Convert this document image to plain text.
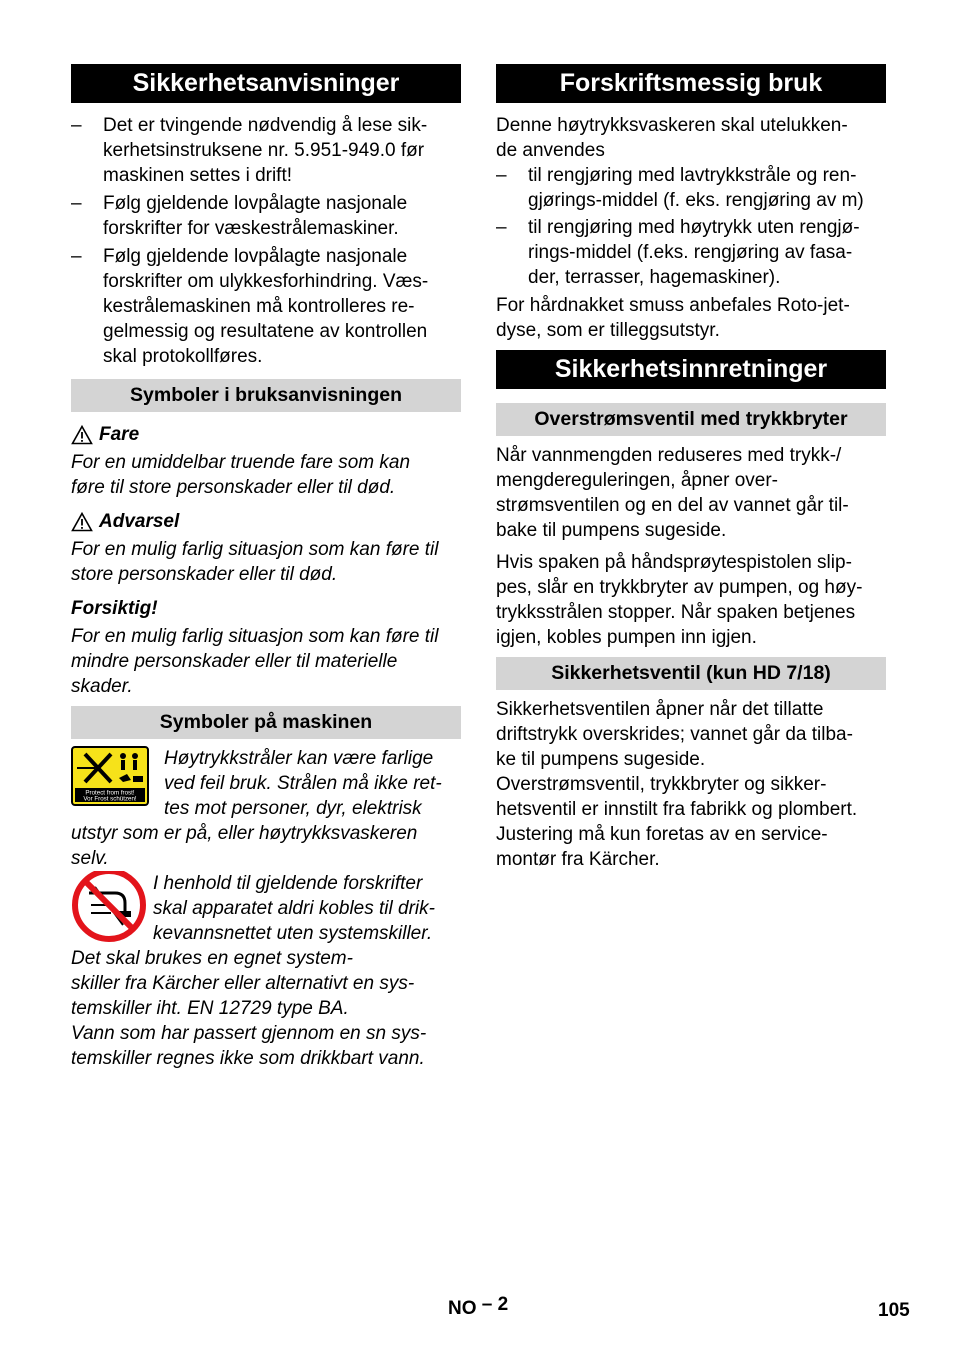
Sikkerhetsanvisninger
– Det er tvingende nødvendig å lese sik-
kerhetsinstruksene nr. 5.951-949.0 før
maskinen settes i drift!
– Følg gjeldende lovpålagte nasjonale
forskrifter for væskestrålemaskiner.
– Følg gjeldende lovpålagte nasjonale
forskrifter om ulykkesforhindring. Væs-
kestrålemaskinen må kontrolleres re-
gelmessig og resultatene av kontrollen
skal protokollføres.
Symboler i bruksanvisningen
Fare

For en umiddelbar truende fare som kan
føre til store personskader eller til død.

Advarsel

For en mulig farlig situasjon som kan føre til
store personskader eller til død.

Forsiktig!

For en mulig farlig situasjon som kan føre til
mindre personskader eller til materielle
skader.

Symboler på maskinen
Protect from frost!
Vor Frost schützen!

Høytrykkstråler kan være farlige
ved feil bruk. Strålen må ikke ret-
tes mot personer, dyr, elektrisk

utstyr som er på, eller høytrykksvaskeren
selv.

I henhold til gjeldende forskrifter
skal apparatet aldri kobles til drik-
kevannsnettet uten systemskiller.
Det skal brukes en egnet system-

skiller fra Kärcher eller alternativt en sys-
temskiller iht. EN 12729 type BA.
Vann som har passert gjennom en sn sys-
temskiller regnes ikke som drikkbart vann.

Forskriftsmessig bruk

Denne høytrykksvaskeren skal utelukken-
de anvendes

– til rengjøring med lavtrykkstråle og ren-
gjørings-middel (f. eks. rengjøring av m)
– til rengjøring med høytrykk uten rengjø-
rings-middel (f.eks. rengjøring av fasa-
der, terrasser, hagemaskiner).

For hårdnakket smuss anbefales Roto-jet-
dyse, som er tilleggsutstyr.

Sikkerhetsinnretninger
Overstrømsventil med trykkbryter

Når vannmengden reduseres med trykk-/
mengdereguleringen, åpner over-
strømsventilen og en del av vannet går til-
bake til pumpens sugeside.

Hvis spaken på håndsprøytespistolen slip-
pes, slår en trykkbryter av pumpen, og høy-
trykksstrålen stopper. Når spaken betjenes
igjen, kobles pumpen inn igjen.

Sikkerhetsventil (kun HD 7/18)

Sikkerhetsventilen åpner når det tillatte
driftstrykk overskrides; vannet går da tilba-
ke til pumpens sugeside.
Overstrømsventil, trykkbryter og sikker-
hetsventil er innstilt fra fabrikk og plombert.
Justering må kun foretas av en service-
montør fra Kärcher.

NO – 2	105
